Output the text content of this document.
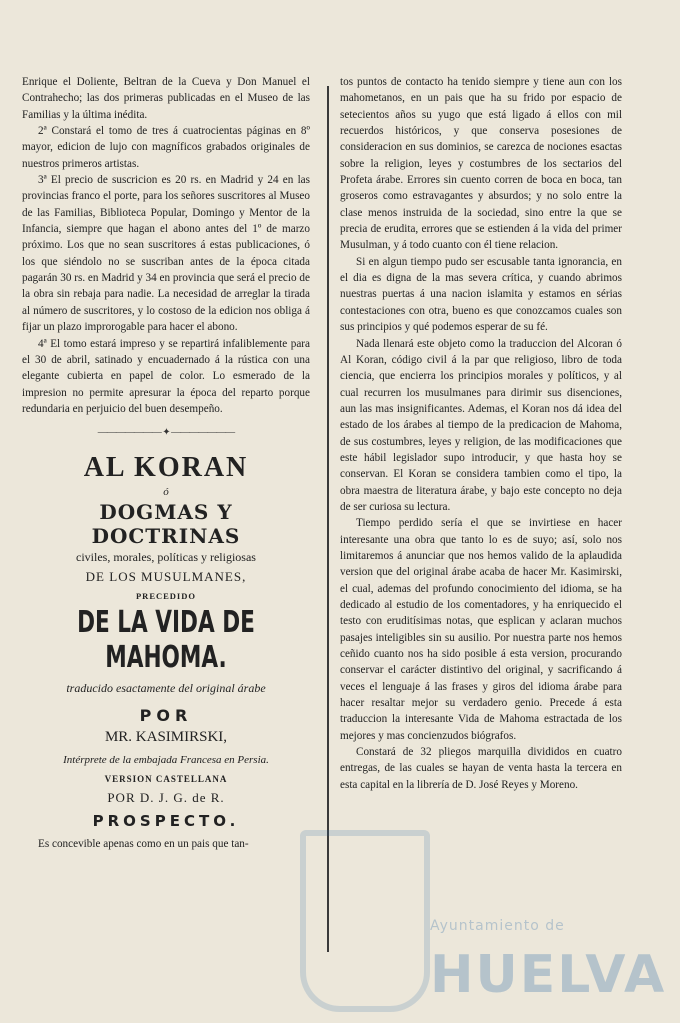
Enrique el Doliente, Beltran de la Cueva y Don Manuel el Contrahecho; las dos primeras publicadas en el Museo de las Familias y la última inédita.

2ª Constará el tomo de tres á cuatrocientas páginas en 8º mayor, edicion de lujo con magníficos grabados originales de nuestros primeros artistas.

3ª El precio de suscricion es 20 rs. en Madrid y 24 en las provincias franco el porte, para los señores suscritores al Museo de las Familias, Biblioteca Popular, Domingo y Mentor de la Infancia, siempre que hagan el abono antes del 1º de marzo próximo. Los que no sean suscritores á estas publicaciones, ó los que siéndolo no se suscriban antes de la época citada pagarán 30 rs. en Madrid y 34 en provincia que será el precio de la obra sin rebaja para nadie. La necesidad de arreglar la tirada al número de suscritores, y lo costoso de la edicion nos obliga á fijar un plazo improrogable para hacer el abono.

4ª El tomo estará impreso y se repartirá infaliblemente para el 30 de abril, satinado y encuadernado á la rústica con una elegante cubierta en papel de color. Lo esmerado de la impresion no permite apresurar la época del reparto porque redundaria en perjuicio del buen desempeño.

——————— ✦ ———————
AL KORAN
ó
DOGMAS Y DOCTRINAS
civiles, morales, políticas y religiosas
DE LOS MUSULMANES,
PRECEDIDO
DE LA VIDA DE MAHOMA.
traducido esactamente del original árabe
POR
MR. KASIMIRSKI,
Intérprete de la embajada Francesa en Persia.
VERSION CASTELLANA
POR D. J. G. de R.
PROSPECTO.

Es concevible apenas como en un pais que tan-

tos puntos de contacto ha tenido siempre y tiene aun con los mahometanos, en un pais que ha su frido por espacio de setecientos años su yugo que está ligado á ellos con mil recuerdos históricos, y que conserva posesiones de consideracion en sus dominios, se carezca de nociones esactas sobre la religion, leyes y costumbres de los sectarios del Profeta árabe. Errores sin cuento corren de boca en boca, tan groseros como estravagantes y absurdos; y no solo entre la clase menos instruida de la sociedad, sino entre la que se precia de erudita, errores que se estienden á la vida del primer Musulman, y á todo cuanto con él tiene relacion.

Si en algun tiempo pudo ser escusable tanta ignorancia, en el dia es digna de la mas severa crítica, y cuando abrimos nuestras puertas á una nacion islamita y estamos en sérias contestaciones con otra, bueno es que conozcamos cuales son sus principios y qué podemos esperar de su fé.

Nada llenará este objeto como la traduccion del Alcoran ó Al Koran, código civil á la par que religioso, libro de toda ciencia, que encierra los principios morales y políticos, y al cual recurren los musulmanes para dirimir sus disenciones, aun las mas insignificantes. Ademas, el Koran nos dá idea del estado de los árabes al tiempo de la predicacion de Mahoma, de sus costumbres, leyes y religion, de las modificaciones que este hábil legislador supo introducir, y que hasta hoy se conservan. El Koran se considera tambien como el tipo, la obra maestra de literatura árabe, y bajo este concepto no deja de ser curiosa su lectura.

Tiempo perdido sería el que se invirtiese en hacer interesante una obra que tanto lo es de suyo; así, solo nos limitaremos á anunciar que nos hemos valido de la aplaudida version que del original árabe acaba de hacer Mr. Kasimirski, el cual, ademas del profundo conocimiento del idioma, se ha dedicado al estudio de los comentadores, y ha enriquecido el testo con eruditísimas notas, que esplican y aclaran muchos pasajes inteligibles sin su ausilio. Por nuestra parte nos hemos ceñido cuanto nos ha sido posible á esta version, procurando conservar el carácter distintivo del original, y sacrificando á veces el lenguaje á las frases y giros del idioma árabe para hacer resaltar mejor su verdadero genio. Precede á esta traduccion la interesante Vida de Mahoma estractada de los mejores y mas concienzudos biógrafos.

Constará de 32 pliegos marquilla divididos en cuatro entregas, de las cuales se hayan de venta hasta la tercera en esta capital en la librería de D. José Reyes y Moreno.

Ayuntamiento de
HUELVA
